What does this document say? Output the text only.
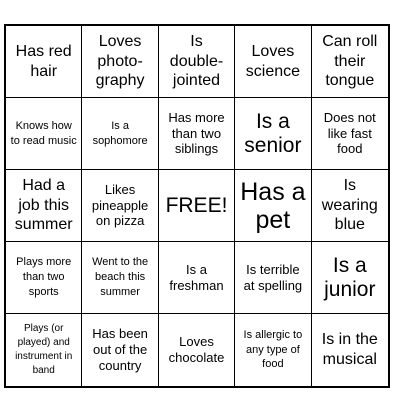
Has red hair
Loves photo-graphy
Is double-jointed
Loves science
Can roll their tongue
Knows how to read music
Is a sophomore
Has more than two siblings
Is a senior
Does not like fast food
Had a job this summer
Likes pineapple on pizza
FREE! Has a pet
Is wearing blue
Plays more than two sports
Went to the beach this summer
Is a freshman
Is terrible at spelling
Is a junior
Plays (or played) and instrument in band
Has been out of the country
Loves chocolate
Is allergic to any type of food
Is in the musical
